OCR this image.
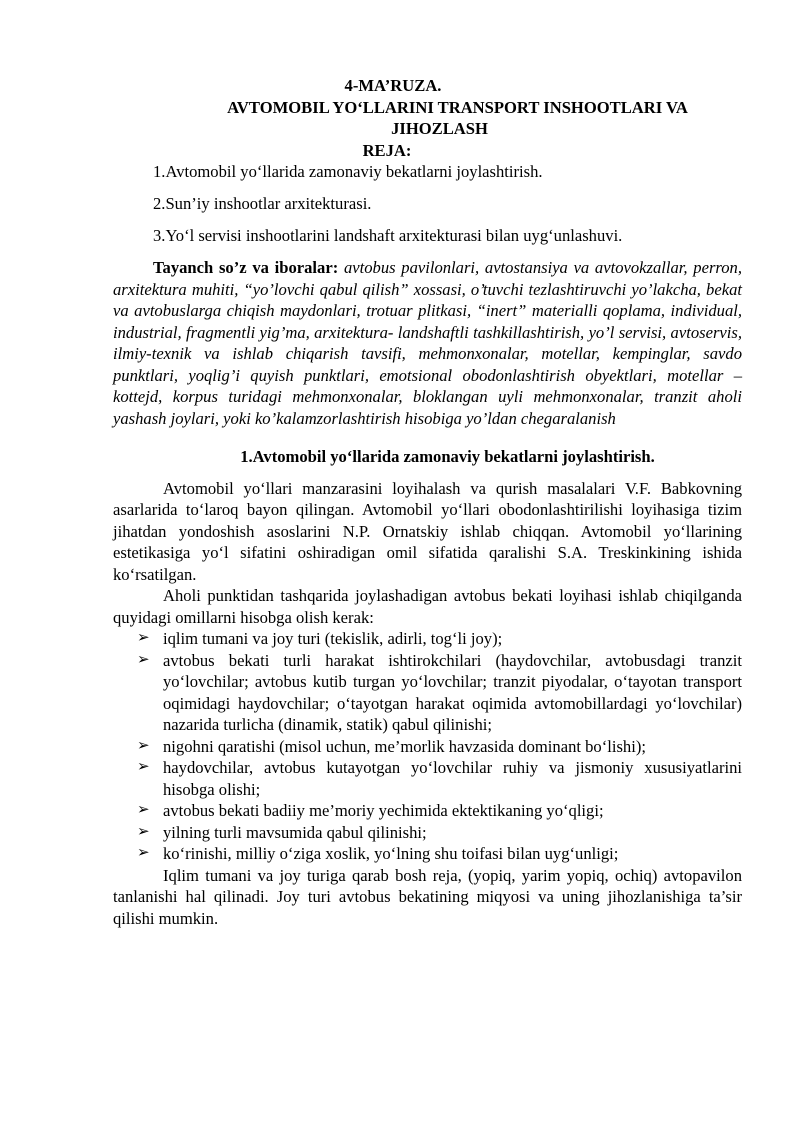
4-MA’RUZA.
AVTOMOBIL YO‘LLARINI TRANSPORT INSHOOTLARI VA
JIHOZLASH
REJA:
1.Avtomobil yo‘llarida zamonaviy bekatlarni joylashtirish.
2.Sun’iy inshootlar arxitekturasi.
3.Yo‘l servisi inshootlarini landshaft arxitekturasi bilan uyg‘unlashuvi.

Tayanch so’z va iboralar: avtobus pavilonlari, avtostansiya va avtovokzallar, perron, arxitektura muhiti, “yo’lovchi qabul qilish” xossasi, o’tuvchi tezlashtiruvchi yo’lakcha, bekat va avtobuslarga chiqish maydonlari, trotuar plitkasi, “inert” materialli qoplama, individual, industrial, fragmentli yig’ma, arxitektura- landshaftli tashkillashtirish, yo’l servisi, avtoservis, ilmiy-texnik va ishlab chiqarish tavsifi, mehmonxonalar, motellar, kempinglar, savdo punktlari, yoqlig’i quyish punktlari, emotsional obodonlashtirish obyektlari, motellar – kottejd, korpus turidagi mehmonxonalar, bloklangan uyli mehmonxonalar, tranzit aholi yashash joylari, yoki ko’kalamzorlashtirish hisobiga yo’ldan chegaralanish

1.Avtomobil yo‘llarida zamonaviy bekatlarni joylashtirish.

Avtomobil yo‘llari manzarasini loyihalash va qurish masalalari V.F. Babkovning asarlarida to‘laroq bayon qilingan. Avtomobil yo‘llari obodonlashtirilishi loyihasiga tizim jihatdan yondoshish asoslarini N.P. Ornatskiy ishlab chiqqan. Avtomobil yo‘llarining estetikasiga yo‘l sifatini oshiradigan omil sifatida qaralishi S.A. Treskinkining ishida ko‘rsatilgan.

Aholi punktidan tashqarida joylashadigan avtobus bekati loyihasi ishlab chiqilganda quyidagi omillarni hisobga olish kerak:

➢ iqlim tumani va joy turi (tekislik, adirli, tog‘li joy);
➢ avtobus bekati turli harakat ishtirokchilari (haydovchilar, avtobusdagi tranzit yo‘lovchilar; avtobus kutib turgan yo‘lovchilar; tranzit piyodalar, o‘tayotan transport oqimidagi haydovchilar; o‘tayotgan harakat oqimida avtomobillardagi yo‘lovchilar) nazarida turlicha (dinamik, statik) qabul qilinishi;
➢ nigohni qaratishi (misol uchun, me’morlik havzasida dominant bo‘lishi);
➢ haydovchilar, avtobus kutayotgan yo‘lovchilar ruhiy va jismoniy xususiyatlarini hisobga olishi;
➢ avtobus bekati badiiy me’moriy yechimida ektektikaning yo‘qligi;
➢ yilning turli mavsumida qabul qilinishi;
➢ ko‘rinishi, milliy o‘ziga xoslik, yo‘lning shu toifasi bilan uyg‘unligi;

Iqlim tumani va joy turiga qarab bosh reja, (yopiq, yarim yopiq, ochiq) avtopavilon tanlanishi hal qilinadi. Joy turi avtobus bekatining miqyosi va uning jihozlanishiga ta’sir qilishi mumkin.
